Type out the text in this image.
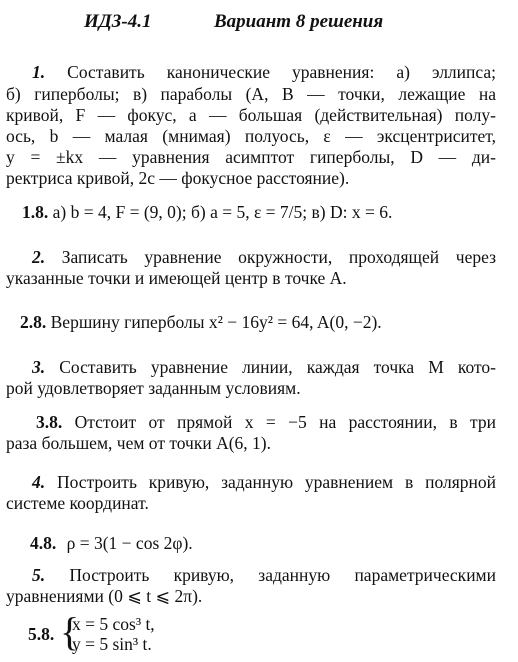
ИДЗ-4.1	Вариант 8 решения
1. Составить канонические уравнения: а) эллипса;
б) гиперболы; в) параболы (A, B — точки, лежащие на
кривой, F — фокус, a — большая (действительная) полу-
ось, b — малая (мнимая) полуось, ε — эксцентриситет,
y = ±kx — уравнения асимптот гиперболы, D — ди-
ректриса кривой, 2c — фокусное расстояние).
1.8. а) b = 4, F = (9, 0); б) a = 5, ε = 7/5; в) D: x = 6.
2. Записать уравнение окружности, проходящей через
указанные точки и имеющей центр в точке A.
2.8. Вершину гиперболы x² − 16y² = 64, A(0, −2).
3. Составить уравнение линии, каждая точка M кото-
рой удовлетворяет заданным условиям.
3.8. Отстоит от прямой x = −5 на расстоянии, в три
раза большем, чем от точки A(6, 1).
4. Построить кривую, заданную уравнением в полярной
системе координат.
4.8. ρ = 3(1 − cos 2φ).
5. Построить кривую, заданную параметрическими
уравнениями (0 ⩽ t ⩽ 2π).
5.8. {
x = 5 cos³ t,
y = 5 sin³ t.
